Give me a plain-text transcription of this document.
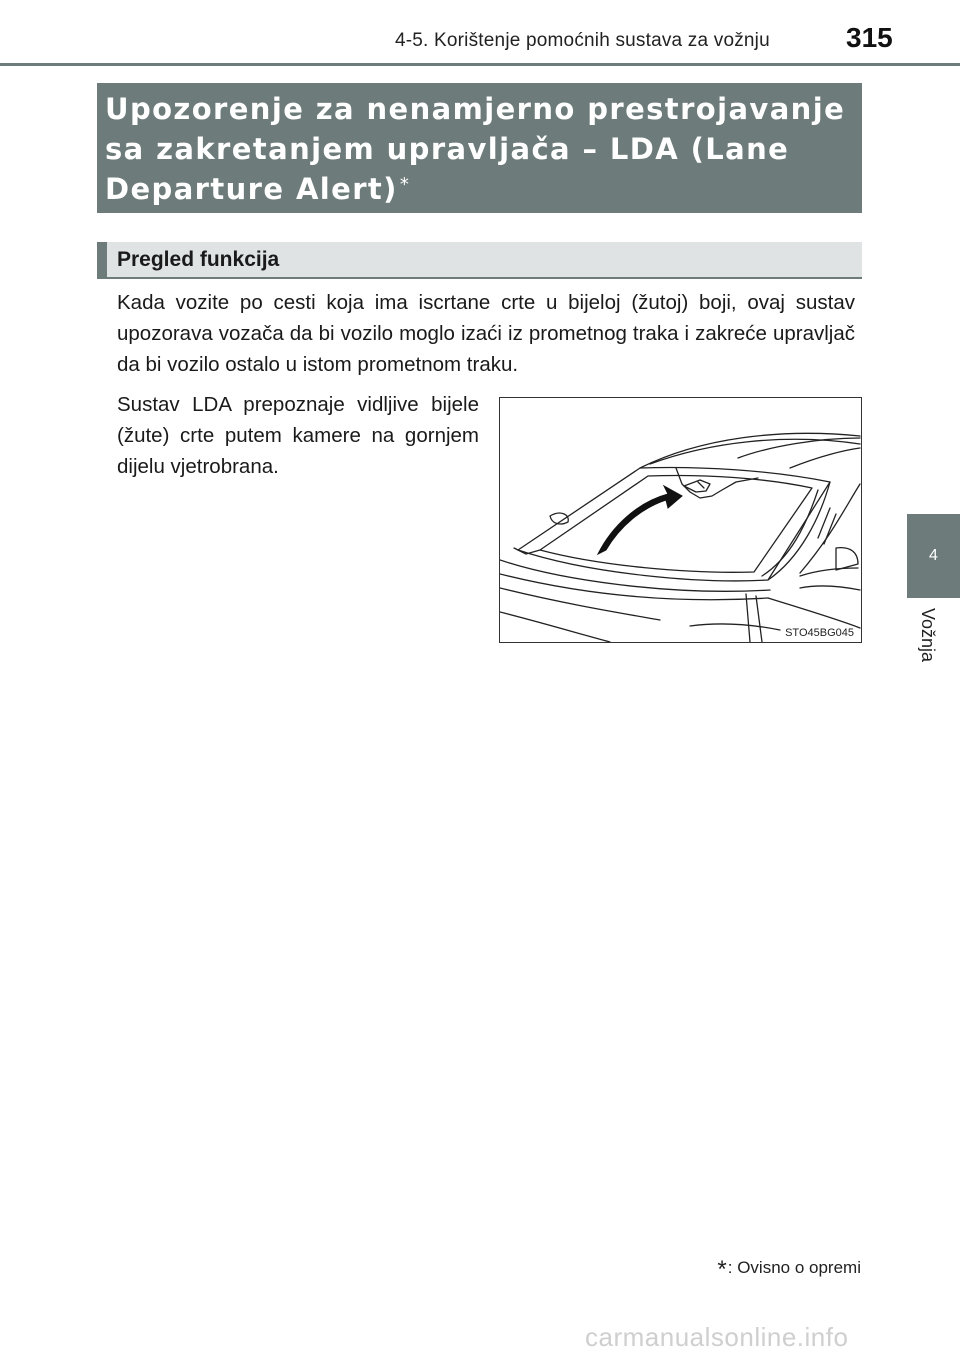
4-5. Korištenje pomoćnih sustava za vožnju	315
4
Vožnja
Upozorenje za nenamjerno prestrojavanje
sa zakretanjem upravljača – LDA (Lane
Departure Alert) *
Pregled funkcija

Kada vozite po cesti koja ima iscrtane crte u bijeloj (žutoj) boji, ovaj sustav upozorava vozača da bi vozilo moglo izaći iz prometnog traka i zakreće upravljač da bi vozilo ostalo u istom prometnom traku.

Sustav LDA prepoznaje vidljive bijele (žute) crte putem kamere na gornjem dijelu vjetrobrana.

STO45BG045
*: Ovisno o opremi
carmanualsonline.info
